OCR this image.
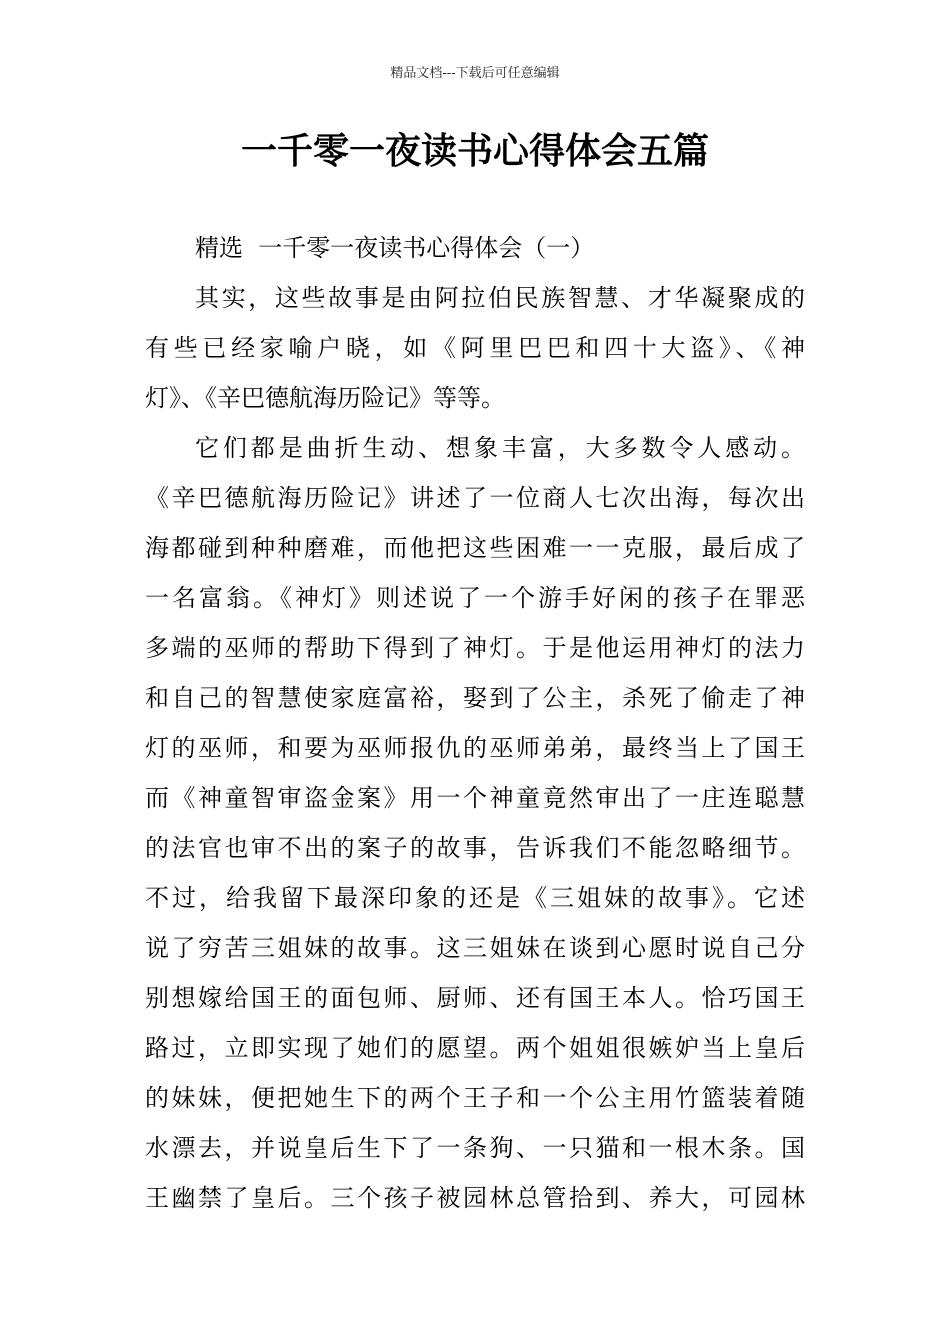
精品文档---下载后可任意编辑
一千零一夜读书心得体会五篇
精选  一千零一夜读书心得体会（一）

其实，这些故事是由阿拉伯民族智慧、才华凝聚成的

有些已经家喻户晓，如《阿里巴巴和四十大盗》、《神

灯》、《辛巴德航海历险记》等等。

它们都是曲折生动、想象丰富，大多数令人感动。

《辛巴德航海历险记》讲述了一位商人七次出海，每次出

海都碰到种种磨难，而他把这些困难一一克服，最后成了

一名富翁。《神灯》则述说了一个游手好闲的孩子在罪恶

多端的巫师的帮助下得到了神灯。于是他运用神灯的法力

和自己的智慧使家庭富裕，娶到了公主，杀死了偷走了神

灯的巫师，和要为巫师报仇的巫师弟弟，最终当上了国王

而《神童智审盗金案》用一个神童竟然审出了一庄连聪慧

的法官也审不出的案子的故事，告诉我们不能忽略细节。

不过，给我留下最深印象的还是《三姐妹的故事》。它述

说了穷苦三姐妹的故事。这三姐妹在谈到心愿时说自己分

别想嫁给国王的面包师、厨师、还有国王本人。恰巧国王

路过，立即实现了她们的愿望。两个姐姐很嫉妒当上皇后

的妹妹，便把她生下的两个王子和一个公主用竹篮装着随

水漂去，并说皇后生下了一条狗、一只猫和一根木条。国

王幽禁了皇后。三个孩子被园林总管拾到、养大，可园林
